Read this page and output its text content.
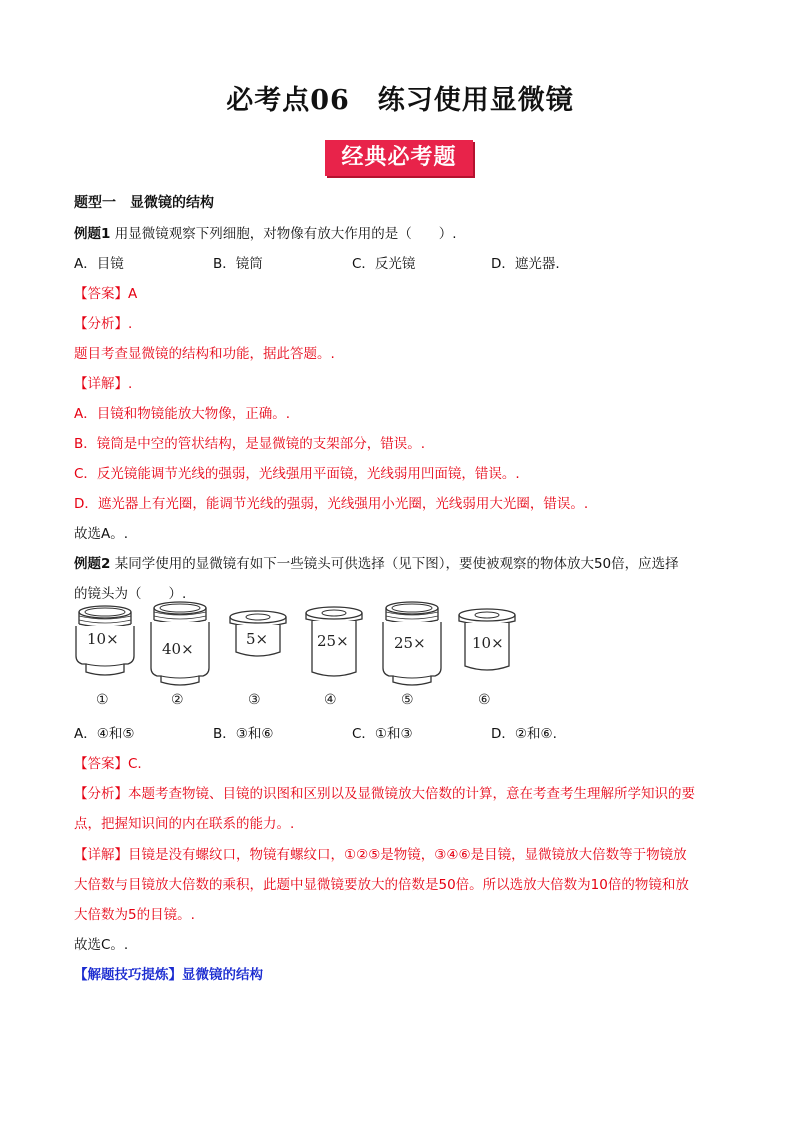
必考点06　练习使用显微镜
经典必考题
题型一　显微镜的结构
例题1 用显微镜观察下列细胞，对物像有放大作用的是（　　）.
A．目镜	B．镜筒	C．反光镜	D．遮光器.
【答案】A
【分析】.
题目考查显微镜的结构和功能，据此答题。.
【详解】.
A．目镜和物镜能放大物像，正确。.
B．镜筒是中空的管状结构，是显微镜的支架部分，错误。.
C．反光镜能调节光线的强弱，光线强用平面镜，光线弱用凹面镜，错误。.
D．遮光器上有光圈，能调节光线的强弱，光线强用小光圈，光线弱用大光圈，错误。.
故选A。.
例题2 某同学使用的显微镜有如下一些镜头可供选择（见下图），要使被观察的物体放大50倍，应选择
的镜头为（　　）.
10×
40×
5×	25×	25×	10×
①	②	③	④	⑤	⑥
A．④和⑤	B．③和⑥	C．①和③	D．②和⑥.
【答案】C.
【分析】本题考查物镜、目镜的识图和区别以及显微镜放大倍数的计算，意在考查考生理解所学知识的要
点，把握知识间的内在联系的能力。.
【详解】目镜是没有螺纹口，物镜有螺纹口，①②⑤是物镜，③④⑥是目镜，显微镜放大倍数等于物镜放
大倍数与目镜放大倍数的乘积，此题中显微镜要放大的倍数是50倍。所以选放大倍数为10倍的物镜和放
大倍数为5的目镜。.
故选C。.
【解题技巧提炼】显微镜的结构
